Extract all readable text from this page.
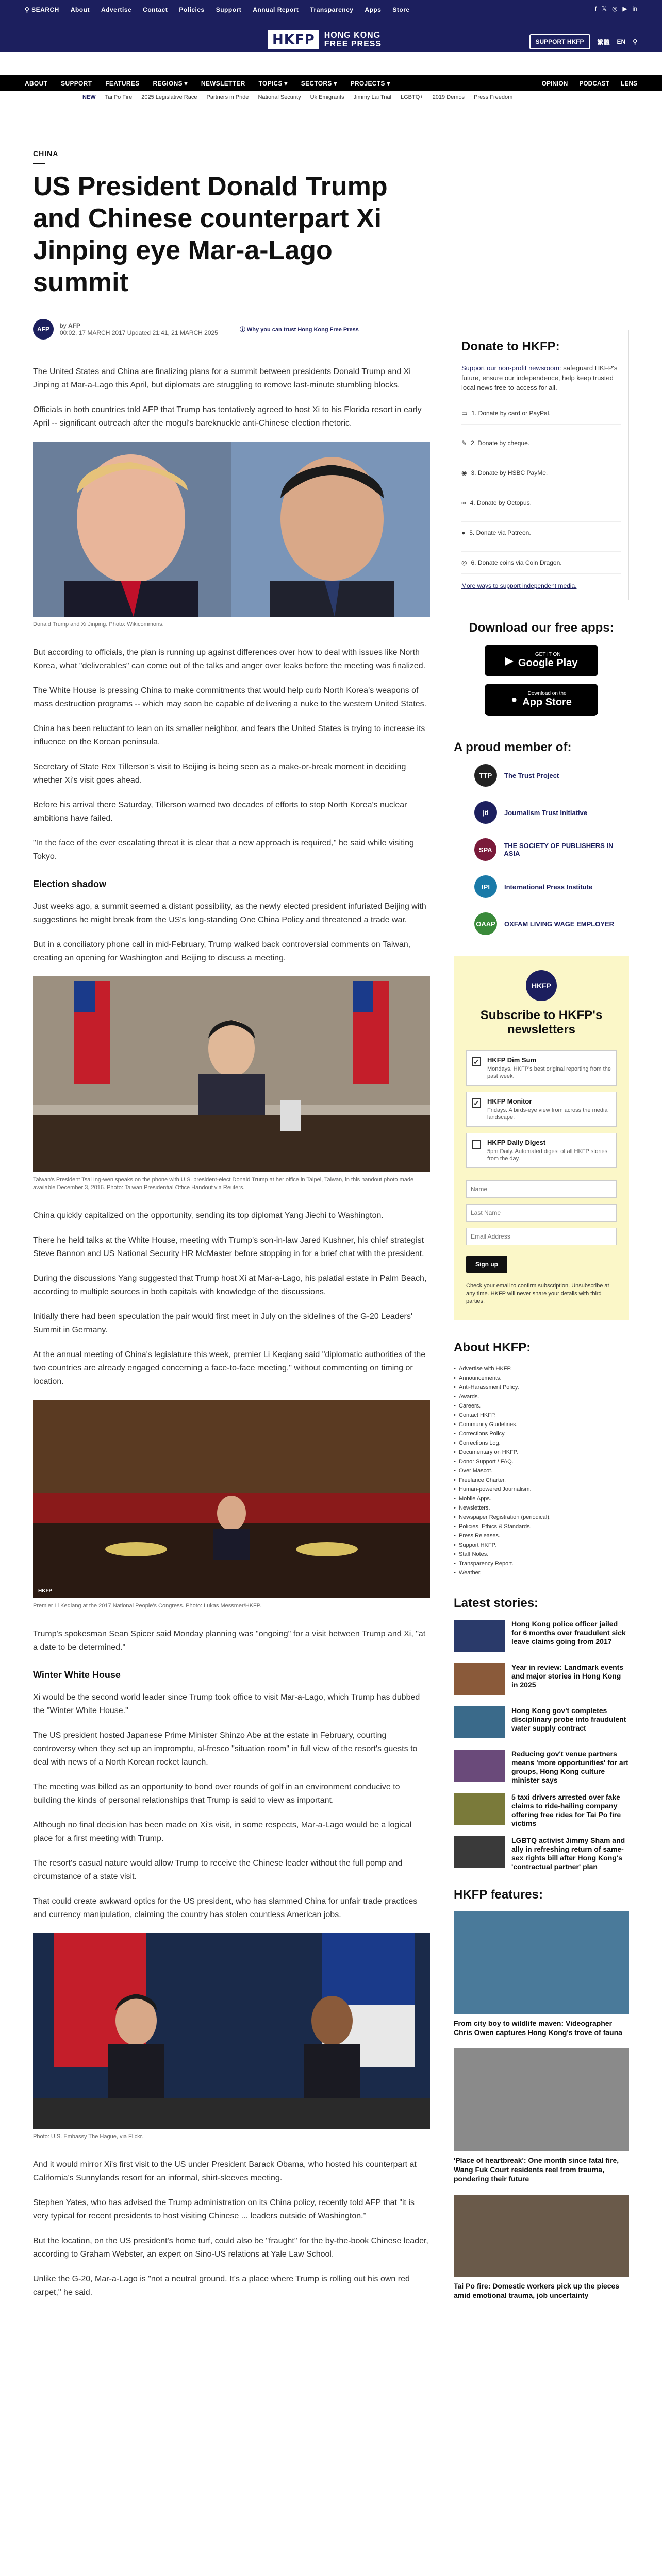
⚲ SEARCH About Advertise Contact Policies Support Annual Report Transparency Apps Store	f 𝕏 ◎ ▶ in
HKFP	HONG KONG
FREE PRESS	SUPPORT HKFP	繁體 EN ⚲
ABOUT SUPPORT FEATURES REGIONS ▾ NEWSLETTER TOPICS ▾ SECTORS ▾ PROJECTS ▾	OPINION PODCAST LENS
NEW Tai Po Fire 2025 Legislative Race Partners in Pride National Security Uk Emigrants Jimmy Lai Trial LGBTQ+ 2019 Demos Press Freedom
CHINA
US President Donald Trump and Chinese counterpart Xi Jinping eye Mar-a-Lago summit
AFP	by AFP
00:02, 17 MARCH 2017 Updated 21:41, 21 MARCH 2025	ⓘ Why you can trust Hong Kong Free Press

The United States and China are finalizing plans for a summit between presidents Donald Trump and Xi Jinping at Mar-a-Lago this April, but diplomats are struggling to remove last-minute stumbling blocks.

Officials in both countries told AFP that Trump has tentatively agreed to host Xi to his Florida resort in early April -- significant outreach after the mogul's bareknuckle anti-Chinese election rhetoric.

Donald Trump and Xi Jinping. Photo: Wikicommons.

But according to officials, the plan is running up against differences over how to deal with issues like North Korea, what "deliverables" can come out of the talks and anger over leaks before the meeting was finalized.

The White House is pressing China to make commitments that would help curb North Korea's weapons of mass destruction programs -- which may soon be capable of delivering a nuke to the western United States.

China has been reluctant to lean on its smaller neighbor, and fears the United States is trying to increase its influence on the Korean peninsula.

Secretary of State Rex Tillerson's visit to Beijing is being seen as a make-or-break moment in deciding whether Xi's visit goes ahead.

Before his arrival there Saturday, Tillerson warned two decades of efforts to stop North Korea's nuclear ambitions have failed.

"In the face of the ever escalating threat it is clear that a new approach is required," he said while visiting Tokyo.

Election shadow

Just weeks ago, a summit seemed a distant possibility, as the newly elected president infuriated Beijing with suggestions he might break from the US's long-standing One China Policy and threatened a trade war.

But in a conciliatory phone call in mid-February, Trump walked back controversial comments on Taiwan, creating an opening for Washington and Beijing to discuss a meeting.

Taiwan's President Tsai Ing-wen speaks on the phone with U.S. president-elect Donald Trump at her office in Taipei, Taiwan, in this handout photo made available December 3, 2016. Photo: Taiwan Presidential Office Handout via Reuters.

China quickly capitalized on the opportunity, sending its top diplomat Yang Jiechi to Washington.

There he held talks at the White House, meeting with Trump's son-in-law Jared Kushner, his chief strategist Steve Bannon and US National Security HR McMaster before stopping in for a brief chat with the president.

During the discussions Yang suggested that Trump host Xi at Mar-a-Lago, his palatial estate in Palm Beach, according to multiple sources in both capitals with knowledge of the discussions.

Initially there had been speculation the pair would first meet in July on the sidelines of the G-20 Leaders' Summit in Germany.

At the annual meeting of China's legislature this week, premier Li Keqiang said "diplomatic authorities of the two countries are already engaged concerning a face-to-face meeting," without commenting on timing or location.

HKFP
Premier Li Keqiang at the 2017 National People's Congress. Photo: Lukas Messmer/HKFP.

Trump's spokesman Sean Spicer said Monday planning was "ongoing" for a visit between Trump and Xi, "at a date to be determined."

Winter White House

Xi would be the second world leader since Trump took office to visit Mar-a-Lago, which Trump has dubbed the "Winter White House."

The US president hosted Japanese Prime Minister Shinzo Abe at the estate in February, courting controversy when they set up an impromptu, al-fresco "situation room" in full view of the resort's guests to deal with news of a North Korean rocket launch.

The meeting was billed as an opportunity to bond over rounds of golf in an environment conducive to building the kinds of personal relationships that Trump is said to view as important.

Although no final decision has been made on Xi's visit, in some respects, Mar-a-Lago would be a logical place for a first meeting with Trump.

The resort's casual nature would allow Trump to receive the Chinese leader without the full pomp and circumstance of a state visit.

That could create awkward optics for the US president, who has slammed China for unfair trade practices and currency manipulation, claiming the country has stolen countless American jobs.

Photo: U.S. Embassy The Hague, via Flickr.

And it would mirror Xi's first visit to the US under President Barack Obama, who hosted his counterpart at California's Sunnylands resort for an informal, shirt-sleeves meeting.

Stephen Yates, who has advised the Trump administration on its China policy, recently told AFP that "it is very typical for recent presidents to host visiting Chinese ... leaders outside of Washington."

But the location, on the US president's home turf, could also be "fraught" for the by-the-book Chinese leader, according to Graham Webster, an expert on Sino-US relations at Yale Law School.

Unlike the G-20, Mar-a-Lago is "not a neutral ground. It's a place where Trump is rolling out his own red carpet," he said.

Donate to HKFP:

Support our non-profit newsroom: safeguard HKFP's future, ensure our independence, help keep trusted local news free-to-access for all.

▭ 1. Donate by card or PayPal.
✎ 2. Donate by cheque.
◉ 3. Donate by HSBC PayMe.
∞ 4. Donate by Octopus.
● 5. Donate via Patreon.
◎ 6. Donate coins via Coin Dragon.
More ways to support independent media.
Download our free apps:
▶
GET IT ON
Google Play
●	Download on the
App Store
A proud member of:
TTP	The Trust Project
jti	Journalism Trust Initiative
SPA	THE SOCIETY OF PUBLISHERS IN ASIA
IPI	International Press Institute
OAAP OXFAM LIVING WAGE EMPLOYER
HKFP
Subscribe to HKFP's newsletters
✓ HKFP Dim Sum
Mondays. HKFP's best original reporting from the past week.
✓ HKFP Monitor
Fridays. A birds-eye view from across the media landscape.
HKFP Daily Digest
5pm Daily. Automated digest of all HKFP stories from the day.
Name Last Name Email Address Sign up
Check your email to confirm subscription. Unsubscribe at any time. HKFP will never share your details with third parties.
About HKFP:
• Advertise with HKFP.
• Announcements.
• Anti-Harassment Policy.
• Awards.
• Careers.
• Contact HKFP.
• Community Guidelines.
• Corrections Policy.
• Corrections Log.
• Documentary on HKFP.
• Donor Support / FAQ.
• Over Mascot.
• Freelance Charter.
• Human-powered Journalism.
• Mobile Apps.
• Newsletters.
• Newspaper Registration (periodical).
• Policies, Ethics & Standards.
• Press Releases.
• Support HKFP.
• Staff Notes.
• Transparency Report.
• Weather.
Latest stories:
Hong Kong police officer jailed for 6 months over fraudulent sick leave claims going from 2017
Year in review: Landmark events and major stories in Hong Kong in 2025
Hong Kong gov't completes disciplinary probe into fraudulent water supply contract
Reducing gov't venue partners means 'more opportunities' for art groups, Hong Kong culture minister says
5 taxi drivers arrested over fake claims to ride-hailing company offering free rides for Tai Po fire victims
LGBTQ activist Jimmy Sham and ally in refreshing return of same-sex rights bill after Hong Kong's 'contractual partner' plan
HKFP features:
From city boy to wildlife maven: Videographer Chris Owen captures Hong Kong's trove of fauna
'Place of heartbreak': One month since fatal fire, Wang Fuk Court residents reel from trauma, pondering their future
Tai Po fire: Domestic workers pick up the pieces amid emotional trauma, job uncertainty
